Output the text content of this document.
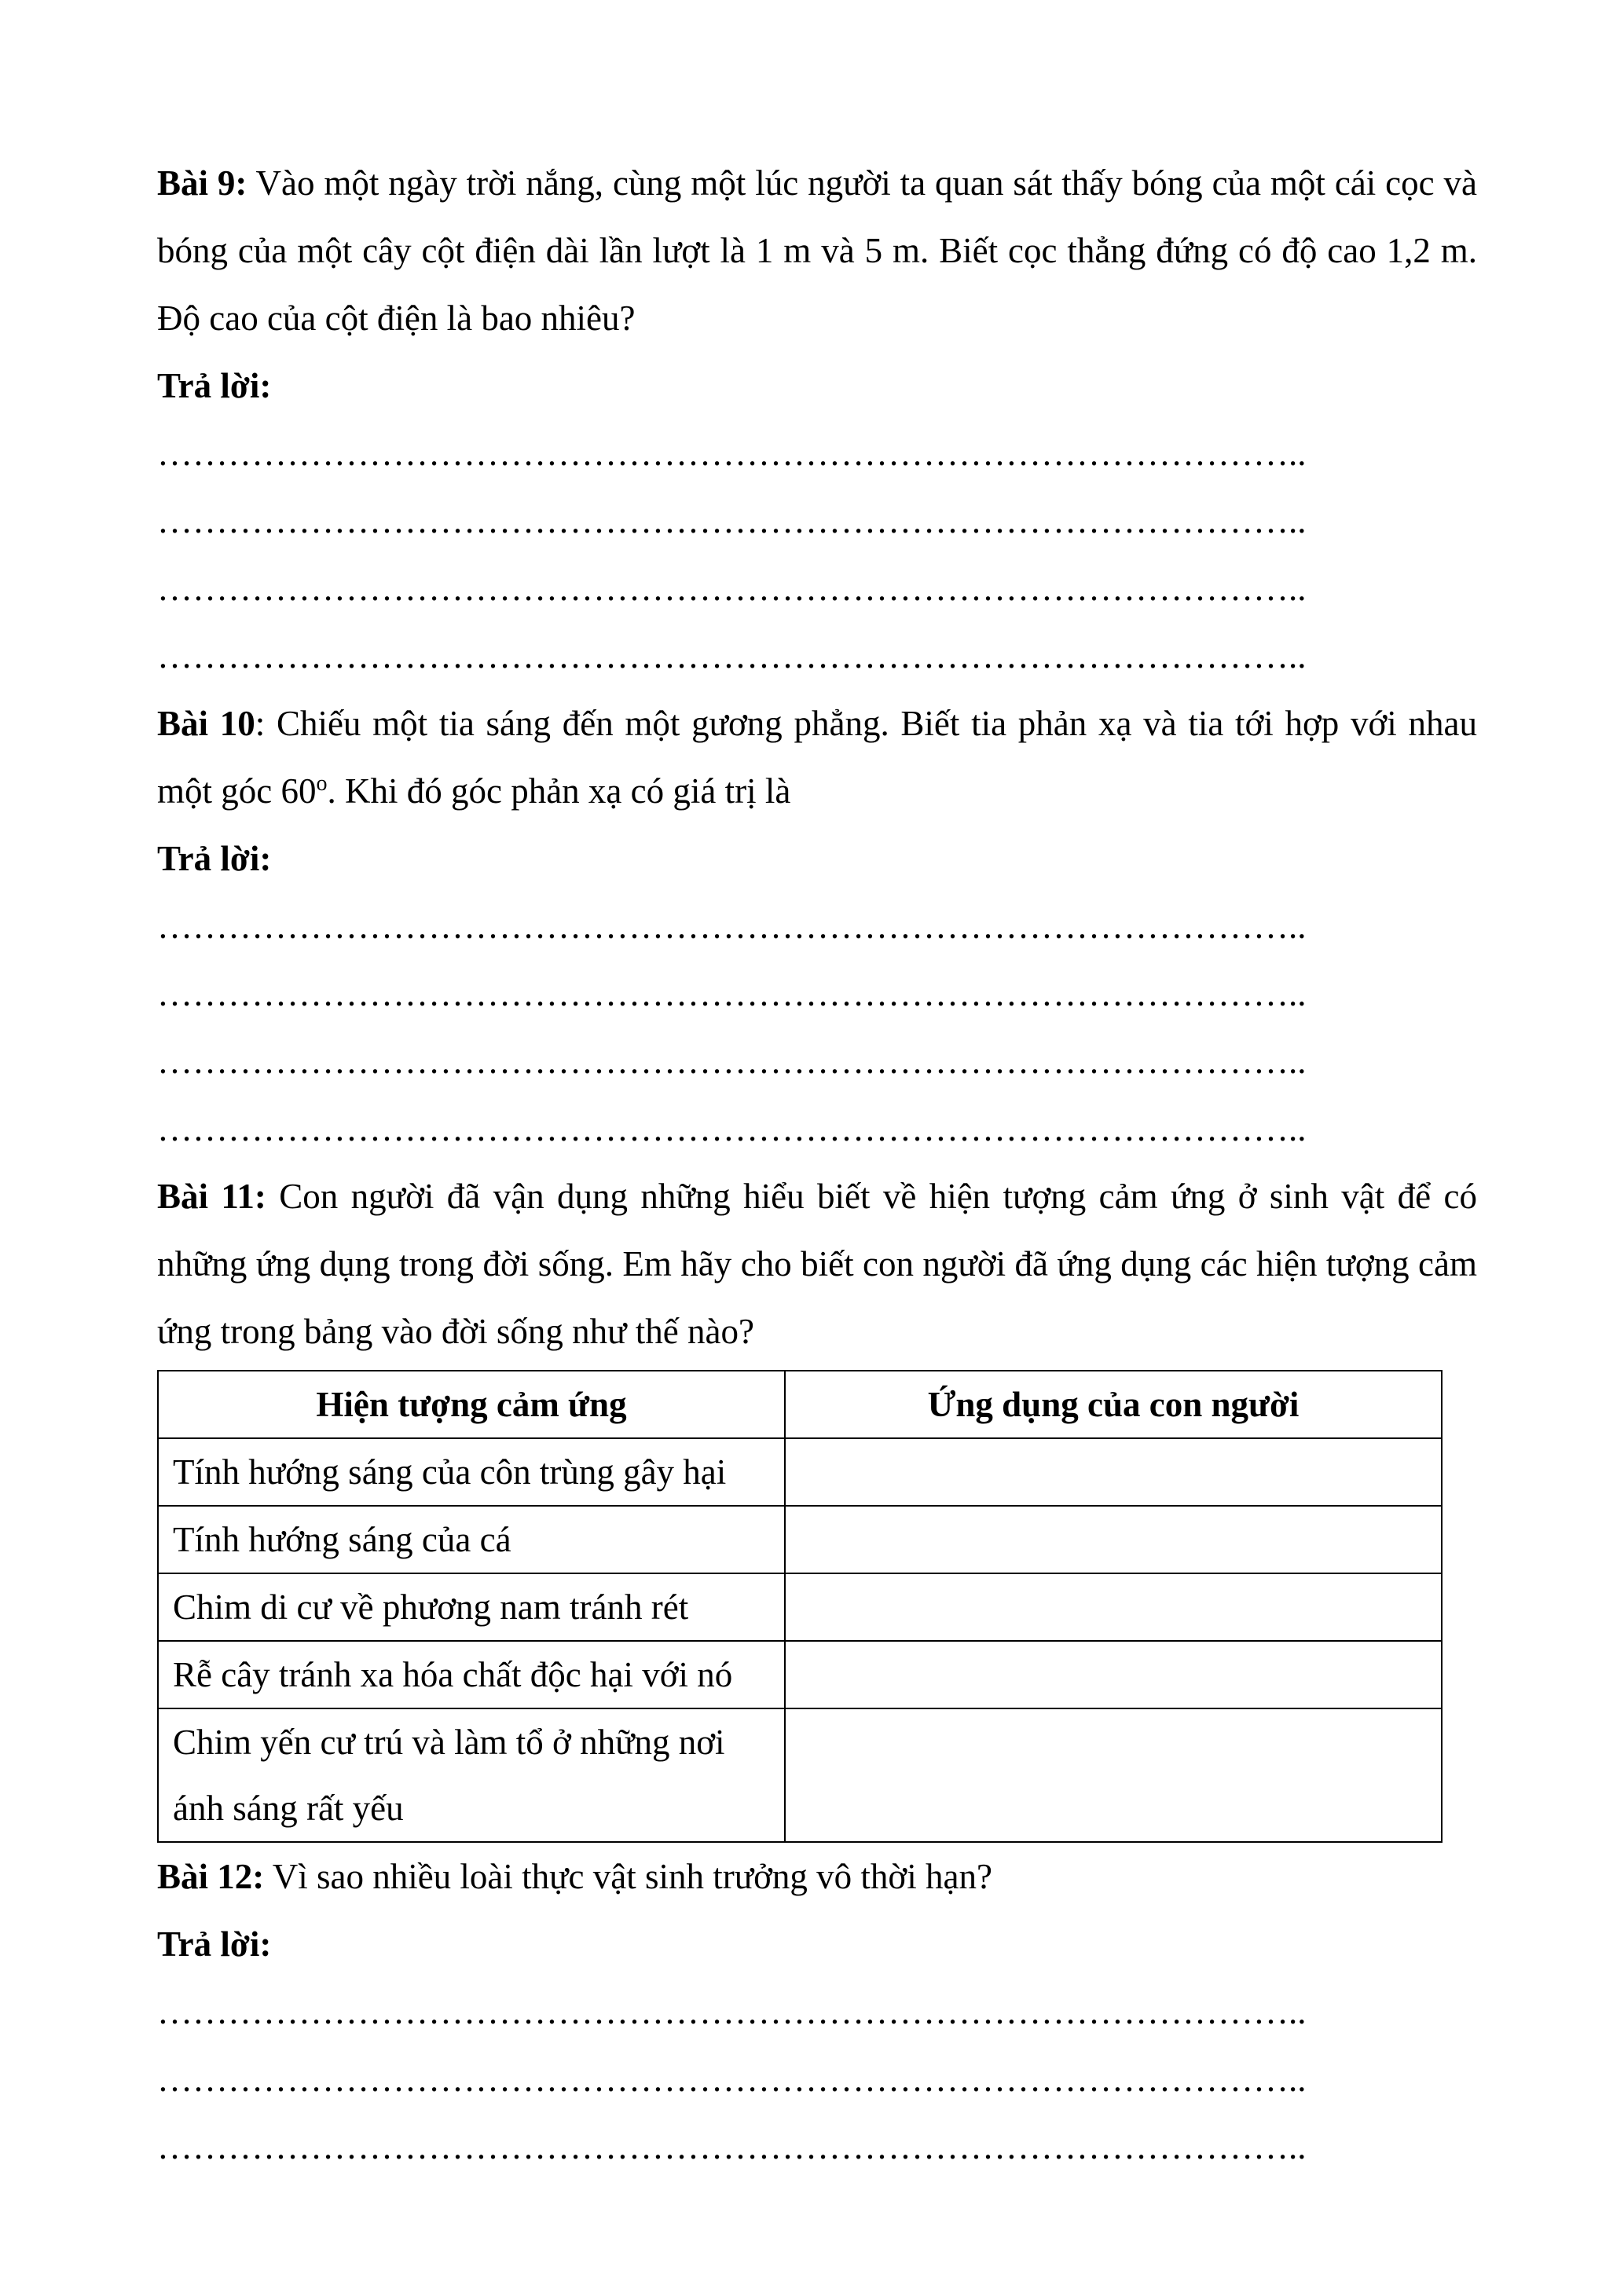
Bài 9: Vào một ngày trời nắng, cùng một lúc người ta quan sát thấy bóng của một cái cọc và bóng của một cây cột điện dài lần lượt là 1 m và 5 m. Biết cọc thẳng đứng có độ cao 1,2 m. Độ cao của cột điện là bao nhiêu?

Trả lời:

……………………………………………………………………………………..

……………………………………………………………………………………..

……………………………………………………………………………………..

……………………………………………………………………………………..

Bài 10: Chiếu một tia sáng đến một gương phẳng. Biết tia phản xạ và tia tới hợp với nhau một góc 60$^o$. Khi đó góc phản xạ có giá trị là

Trả lời:

……………………………………………………………………………………..

……………………………………………………………………………………..

……………………………………………………………………………………..

……………………………………………………………………………………..

Bài 11: Con người đã vận dụng những hiểu biết về hiện tượng cảm ứng ở sinh vật để có những ứng dụng trong đời sống. Em hãy cho biết con người đã ứng dụng các hiện tượng cảm ứng trong bảng vào đời sống như thế nào?

Hiện tượng cảm ứng	Ứng dụng của con người
Tính hướng sáng của côn trùng gây hại	
Tính hướng sáng của cá	
Chim di cư về phương nam tránh rét	
Rễ cây tránh xa hóa chất độc hại với nó	
Chim yến cư trú và làm tổ ở những nơi ánh sáng rất yếu	

Bài 12: Vì sao nhiều loài thực vật sinh trưởng vô thời hạn?

Trả lời:

……………………………………………………………………………………..

……………………………………………………………………………………..

……………………………………………………………………………………..
